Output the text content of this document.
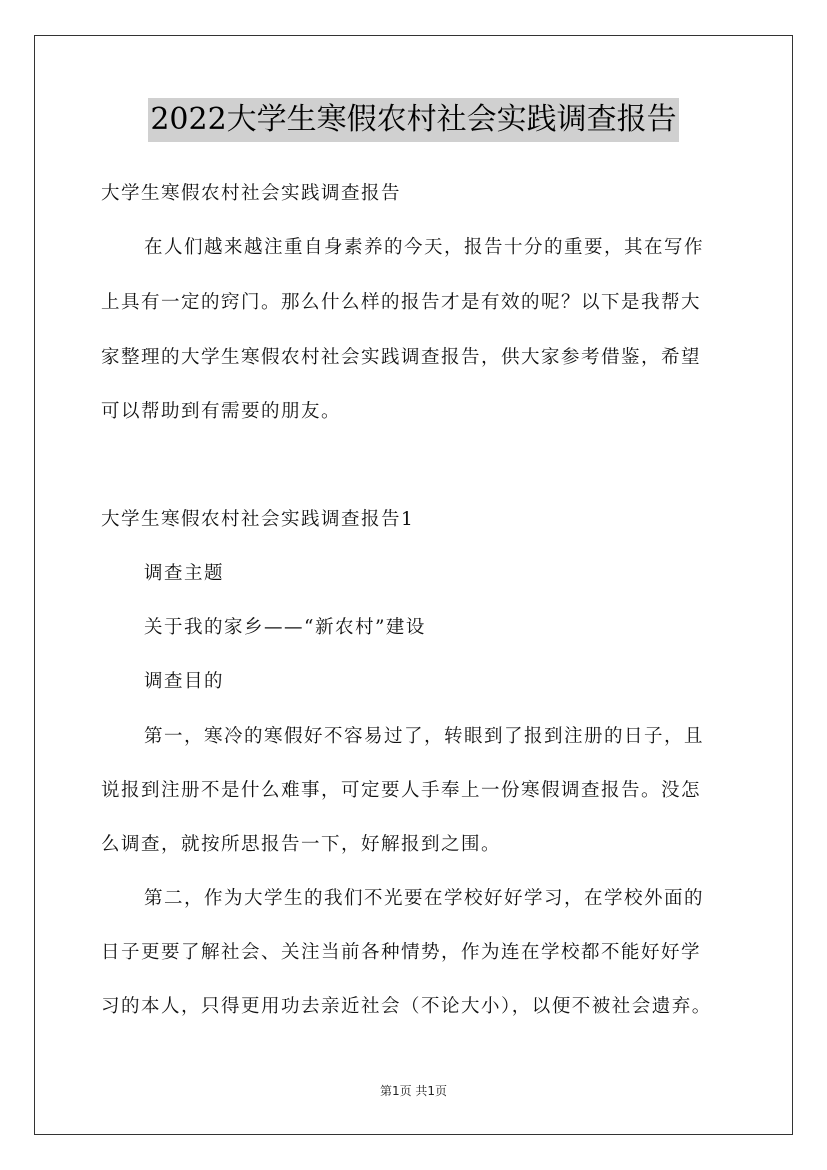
2022大学生寒假农村社会实践调查报告
大学生寒假农村社会实践调查报告
在人们越来越注重自身素养的今天，报告十分的重要，其在写作
上具有一定的窍门。那么什么样的报告才是有效的呢？以下是我帮大
家整理的大学生寒假农村社会实践调查报告，供大家参考借鉴，希望
可以帮助到有需要的朋友。
大学生寒假农村社会实践调查报告1
调查主题
关于我的家乡——“新农村”建设
调查目的
第一，寒冷的寒假好不容易过了，转眼到了报到注册的日子，且
说报到注册不是什么难事，可定要人手奉上一份寒假调查报告。没怎
么调查，就按所思报告一下，好解报到之围。
第二，作为大学生的我们不光要在学校好好学习，在学校外面的
日子更要了解社会、关注当前各种情势，作为连在学校都不能好好学
习的本人，只得更用功去亲近社会（不论大小），以便不被社会遗弃。
第1页 共1页
